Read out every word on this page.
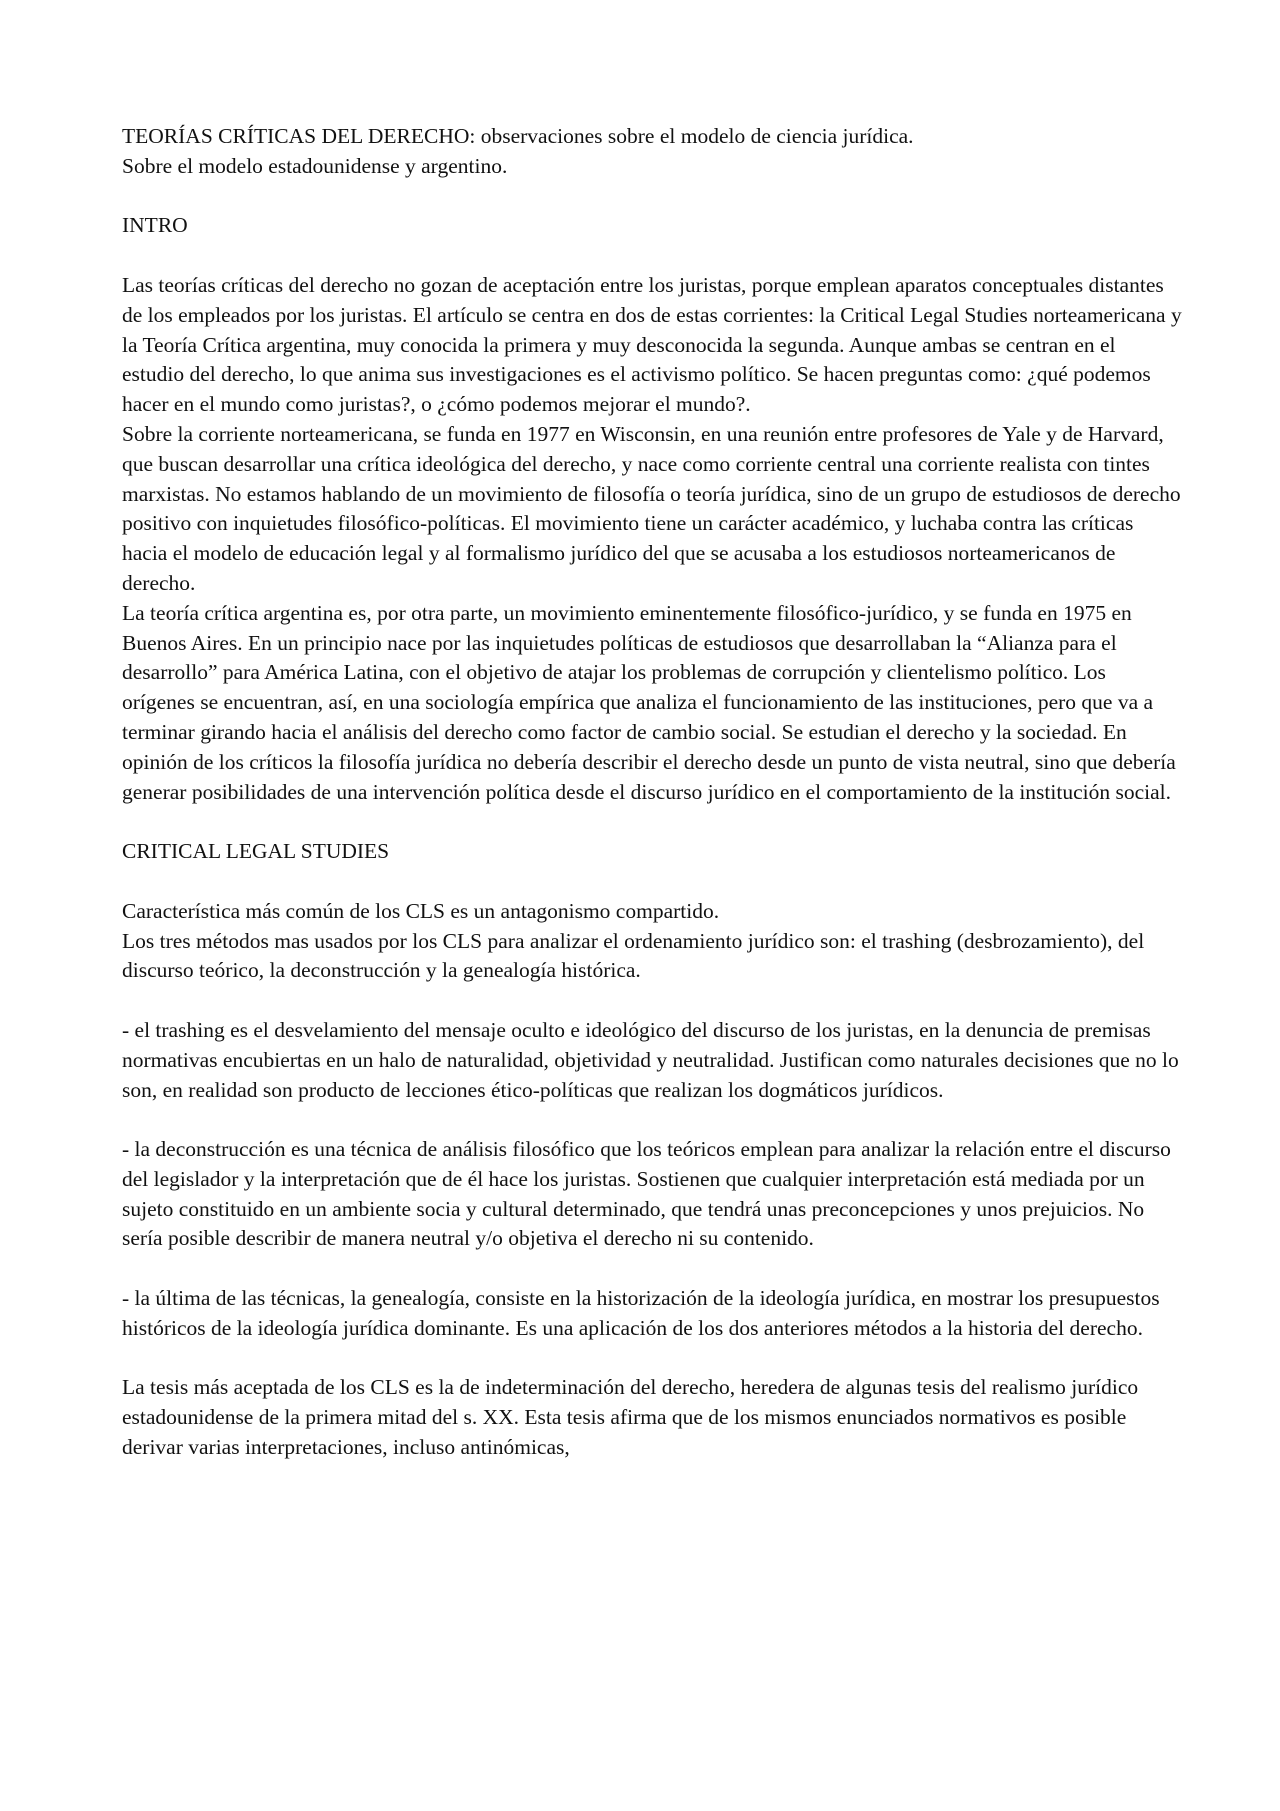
TEORÍAS CRÍTICAS DEL DERECHO: observaciones sobre el modelo de ciencia jurídica.

Sobre el modelo estadounidense y argentino.

INTRO

Las teorías críticas del derecho no gozan de aceptación entre los juristas, porque emplean aparatos conceptuales distantes de los empleados por los juristas. El artículo se centra en dos de estas corrientes: la Critical Legal Studies norteamericana y la Teoría Crítica argentina, muy conocida la primera y muy desconocida la segunda. Aunque ambas se centran en el estudio del derecho, lo que anima sus investigaciones es el activismo político. Se hacen preguntas como: ¿qué podemos hacer en el mundo como juristas?, o ¿cómo podemos mejorar el mundo?.

Sobre la corriente norteamericana, se funda en 1977 en Wisconsin, en una reunión entre profesores de Yale y de Harvard, que buscan desarrollar una crítica ideológica del derecho, y nace como corriente central una corriente realista con tintes marxistas. No estamos hablando de un movimiento de filosofía o teoría jurídica, sino de un grupo de estudiosos de derecho positivo con inquietudes filosófico-políticas. El movimiento tiene un carácter académico, y luchaba contra las críticas hacia el modelo de educación legal y al formalismo jurídico del que se acusaba a los estudiosos norteamericanos de derecho.

La teoría crítica argentina es, por otra parte, un movimiento eminentemente filosófico-jurídico, y se funda en 1975 en Buenos Aires. En un principio nace por las inquietudes políticas de estudiosos que desarrollaban la “Alianza para el desarrollo” para América Latina, con el objetivo de atajar los problemas de corrupción y clientelismo político. Los orígenes se encuentran, así, en una sociología empírica que analiza el funcionamiento de las instituciones, pero que va a terminar girando hacia el análisis del derecho como factor de cambio social. Se estudian el derecho y la sociedad. En opinión de los críticos la filosofía jurídica no debería describir el derecho desde un punto de vista neutral, sino que debería generar posibilidades de una intervención política desde el discurso jurídico en el comportamiento de la institución social.

CRITICAL LEGAL STUDIES

Característica más común de los CLS es un antagonismo compartido.

Los tres métodos mas usados por los CLS para analizar el ordenamiento jurídico son: el trashing (desbrozamiento), del discurso teórico, la deconstrucción y la genealogía histórica.

- el trashing es el desvelamiento del mensaje oculto e ideológico del discurso de los juristas, en la denuncia de premisas normativas encubiertas en un halo de naturalidad, objetividad y neutralidad. Justifican como naturales decisiones que no lo son, en realidad son producto de lecciones ético-políticas que realizan los dogmáticos jurídicos.

- la deconstrucción es una técnica de análisis filosófico que los teóricos emplean para analizar la relación entre el discurso del legislador y la interpretación que de él hace los juristas. Sostienen que cualquier interpretación está mediada por un sujeto constituido en un ambiente socia y cultural determinado, que tendrá unas preconcepciones y unos prejuicios. No sería posible describir de manera neutral y/o objetiva el derecho ni su contenido.

- la última de las técnicas, la genealogía, consiste en la historización de la ideología jurídica, en mostrar los presupuestos históricos de la ideología jurídica dominante. Es una aplicación de los dos anteriores métodos a la historia del derecho.

La tesis más aceptada de los CLS es la de indeterminación del derecho, heredera de algunas tesis del realismo jurídico estadounidense de la primera mitad del s. XX. Esta tesis afirma que de los mismos enunciados normativos es posible derivar varias interpretaciones, incluso antinómicas,
